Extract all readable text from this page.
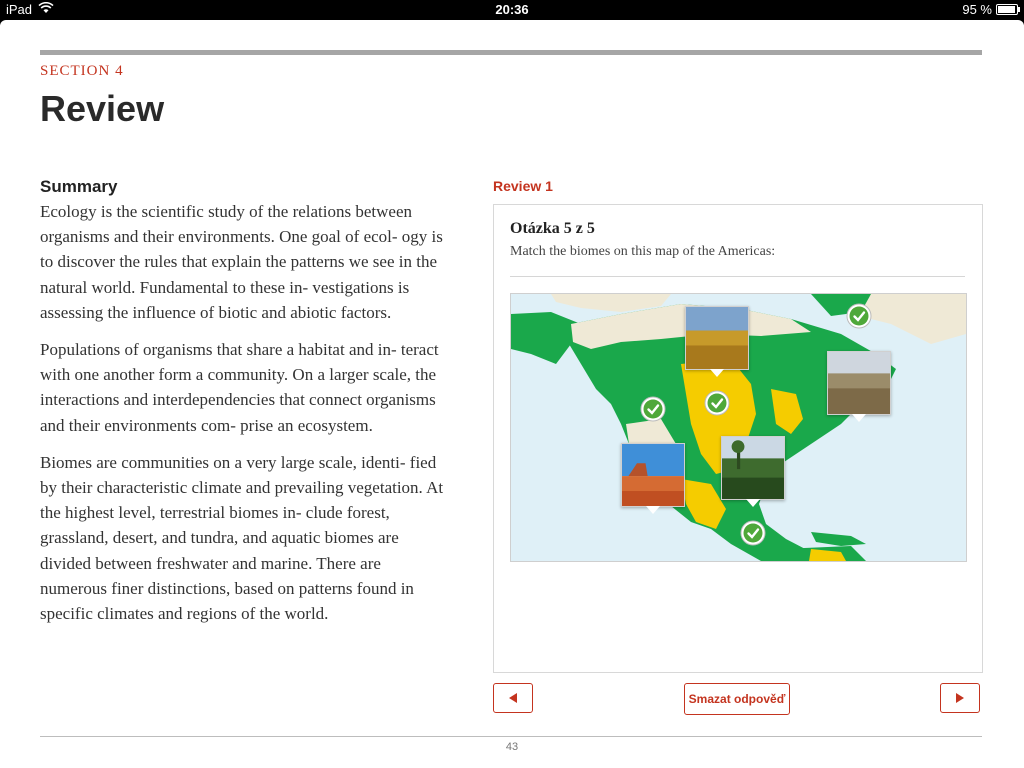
iPad	20:36	95 %
SECTION 4
Review
Summary

Ecology is the scientific study of the relations between organisms and their environments. One goal of ecol- ogy is to discover the rules that explain the patterns we see in the natural world. Fundamental to these in- vestigations is assessing the influence of biotic and abiotic factors.

Populations of organisms that share a habitat and in- teract with one another form a community. On a larger scale, the interactions and interdependencies that connect organisms and their environments com- prise an ecosystem.

Biomes are communities on a very large scale, identi- fied by their characteristic climate and prevailing vegetation. At the highest level, terrestrial biomes in- clude forest, grassland, desert, and tundra, and aquatic biomes are divided between freshwater and marine. There are numerous finer distinctions, based on patterns found in specific climates and regions of the world.

Review 1
Otázka 5 z 5
Match the biomes on this map of the Americas:
Smazat odpověď
43
